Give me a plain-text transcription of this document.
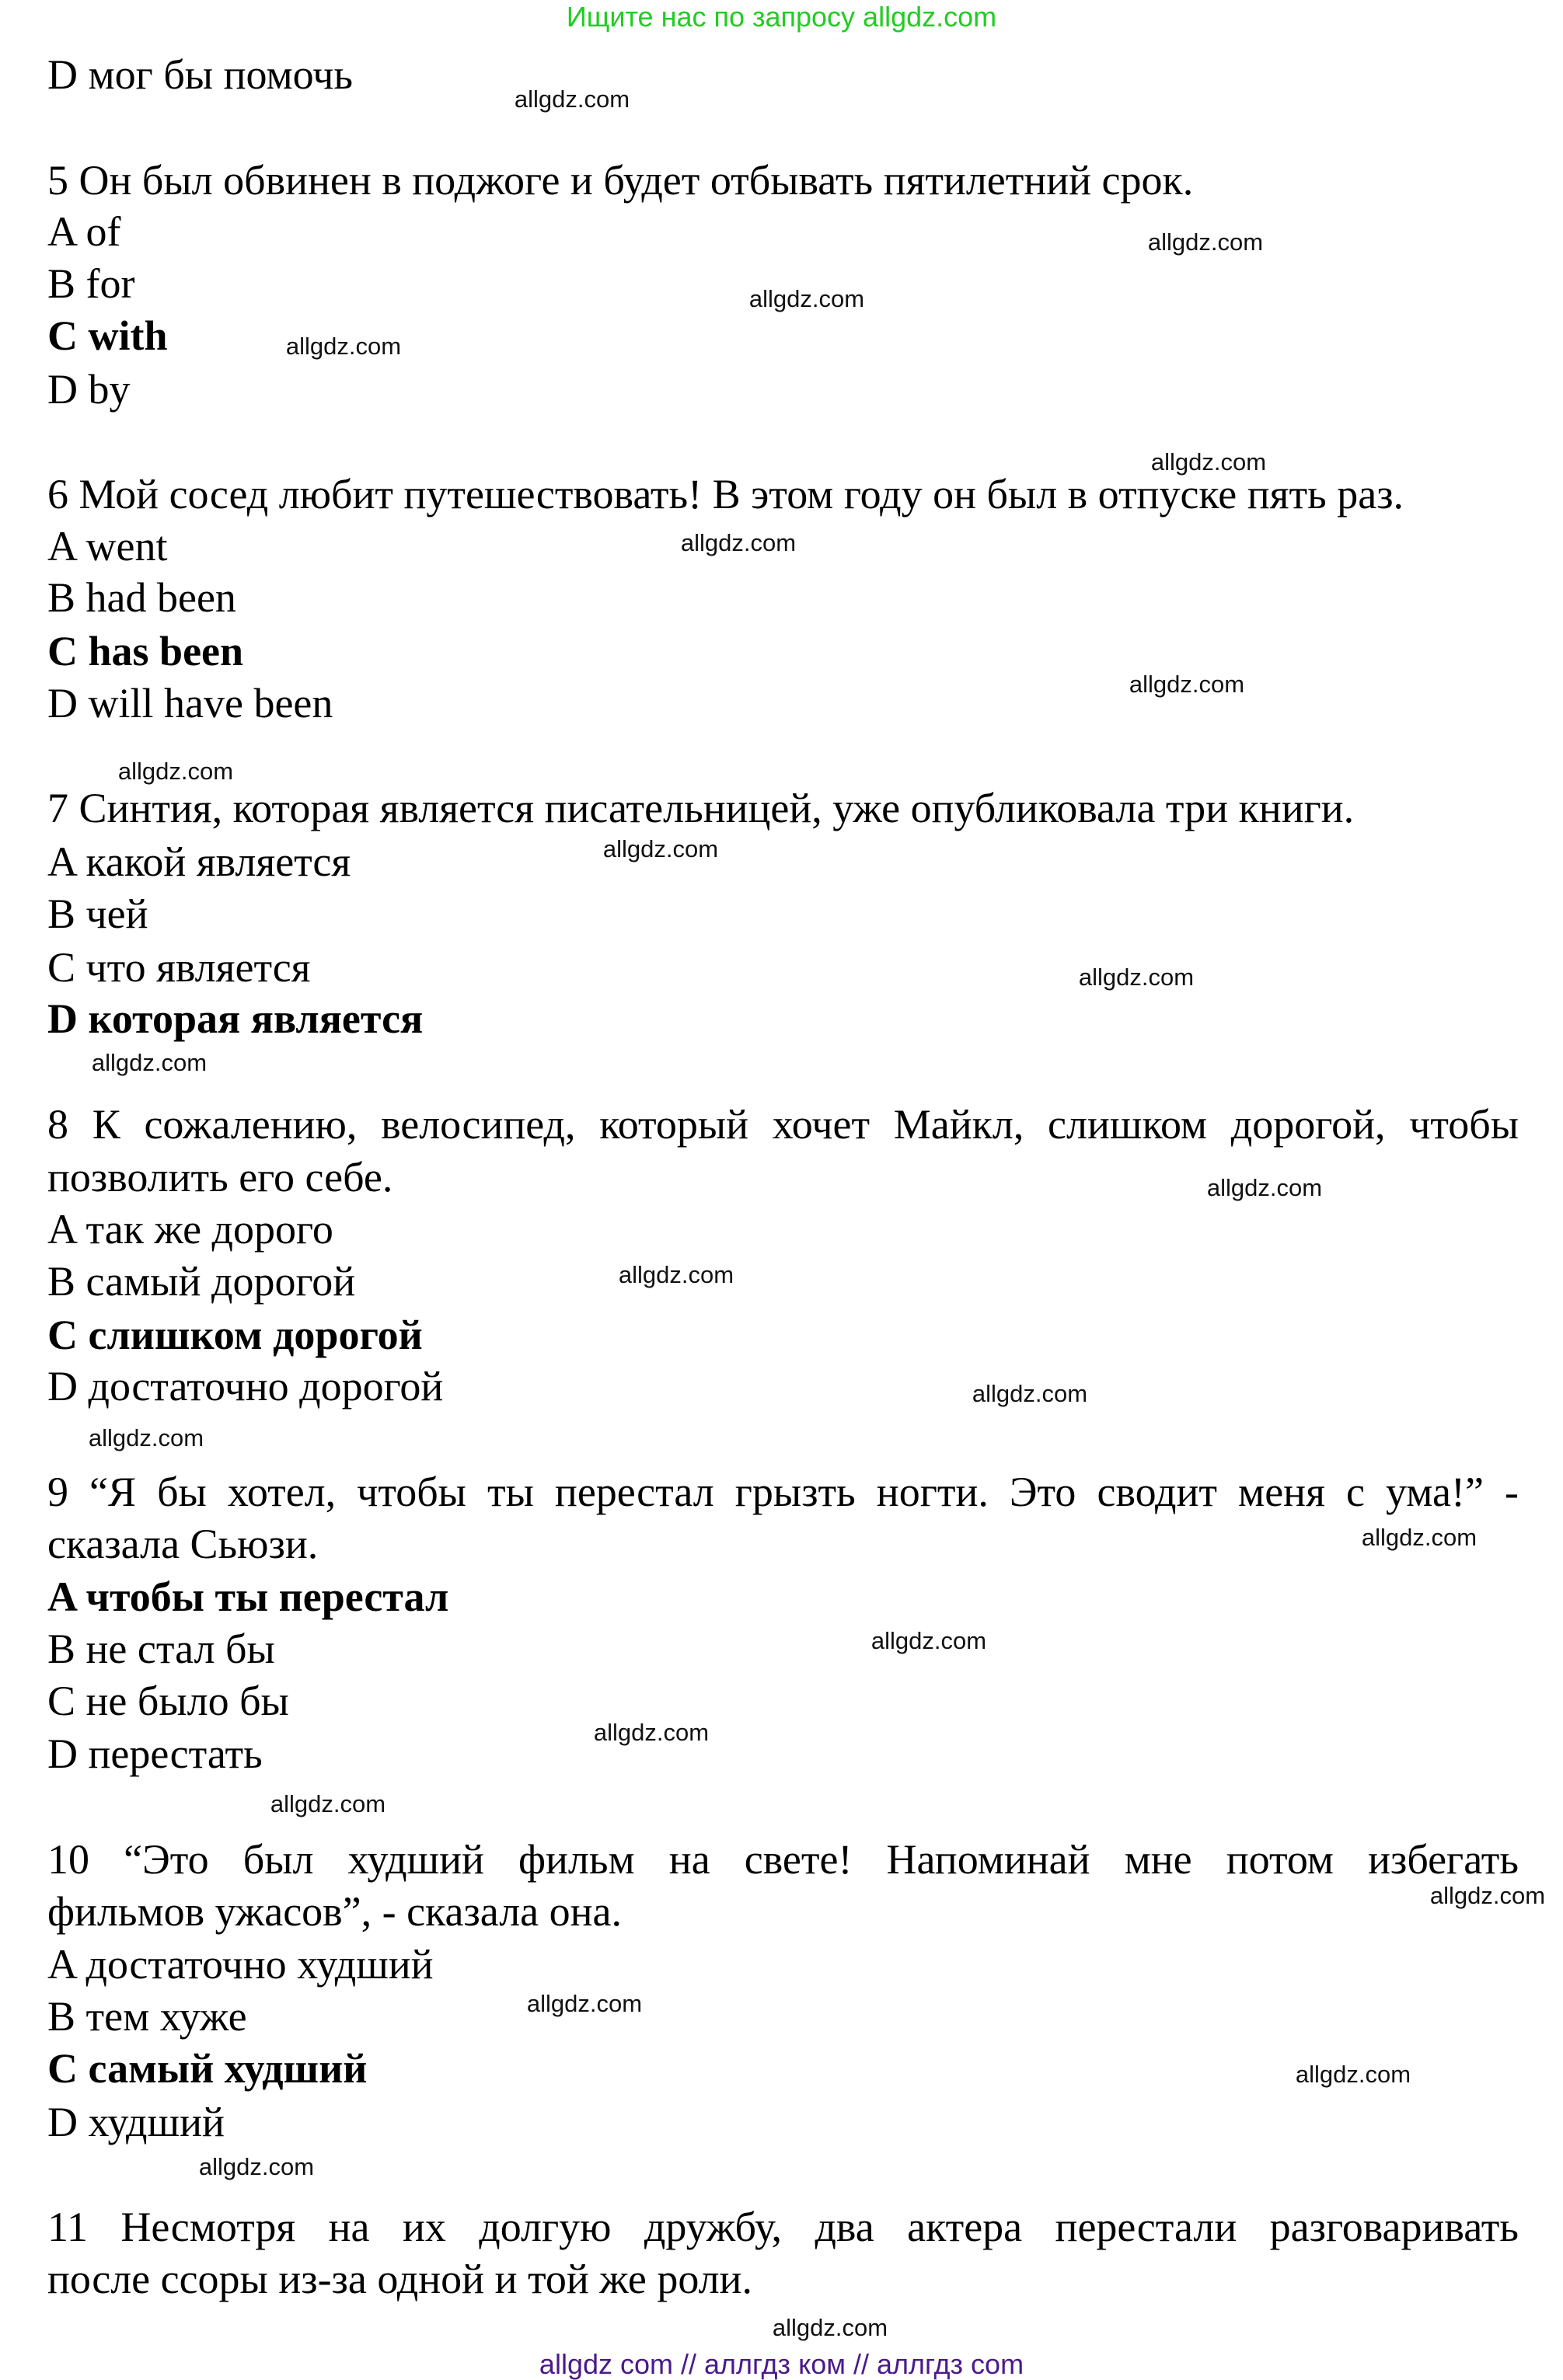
Ищите нас по запросу allgdz.com
D мог бы помочь
5 Он был обвинен в поджоге и будет отбывать пятилетний срок.
A of
B for
C with
D by
6 Мой сосед любит путешествовать! В этом году он был в отпуске пять раз.
A went
B had been
C has been
D will have been
7 Синтия, которая является писательницей, уже опубликовала три книги.
A какой является
B чей
C что является
D которая является
8 К сожалению, велосипед, который хочет Майкл, слишком дорогой, чтобы
позволить его себе.
A так же дорого
B самый дорогой
C слишком дорогой
D достаточно дорогой
9 “Я бы хотел, чтобы ты перестал грызть ногти. Это сводит меня с ума!” -
сказала Сьюзи.
A чтобы ты перестал
B не стал бы
C не было бы
D перестать
10 “Это был худший фильм на свете! Напоминай мне потом избегать
фильмов ужасов”, - сказала она.
A достаточно худший
B тем хуже
C самый худший
D худший
11 Несмотря на их долгую дружбу, два актера перестали разговаривать
после ссоры из-за одной и той же роли.
allgdz.com
allgdz.com
allgdz.com
allgdz.com
allgdz.com
allgdz.com
allgdz.com
allgdz.com
allgdz.com
allgdz.com
allgdz.com
allgdz.com
allgdz.com
allgdz.com
allgdz.com
allgdz.com
allgdz.com
allgdz.com
allgdz.com
allgdz.com
allgdz.com
allgdz.com
allgdz.com
allgdz.com
allgdz com // аллгдз ком // аллгдз com
